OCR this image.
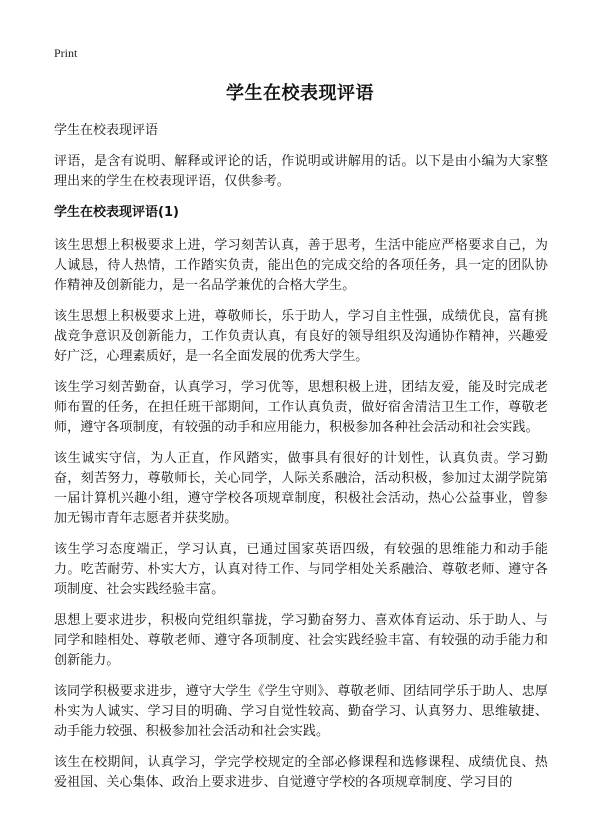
Print
学生在校表现评语

学生在校表现评语

评语，是含有说明、解释或评论的话，作说明或讲解用的话。以下是由小编为大家整理出来的学生在校表现评语，仅供参考。

学生在校表现评语(1)

该生思想上积极要求上进，学习刻苦认真，善于思考，生活中能应严格要求自己，为人诚恳，待人热情，工作踏实负责，能出色的完成交给的各项任务，具一定的团队协作精神及创新能力，是一名品学兼优的合格大学生。

该生思想上积极要求上进，尊敬师长，乐于助人，学习自主性强，成绩优良，富有挑战竞争意识及创新能力，工作负责认真，有良好的领导组织及沟通协作精神，兴趣爱好广泛，心理素质好，是一名全面发展的优秀大学生。

该生学习刻苦勤奋，认真学习，学习优等，思想积极上进，团结友爱，能及时完成老师布置的任务，在担任班干部期间，工作认真负责，做好宿舍清洁卫生工作，尊敬老师，遵守各项制度，有较强的动手和应用能力，积极参加各种社会活动和社会实践。

该生诚实守信，为人正直，作风踏实，做事具有很好的计划性，认真负责。学习勤奋，刻苦努力，尊敬师长，关心同学，人际关系融洽，活动积极，参加过太湖学院第一届计算机兴趣小组，遵守学校各项规章制度，积极社会活动，热心公益事业，曾参加无锡市青年志愿者并获奖励。

该生学习态度端正，学习认真，已通过国家英语四级，有较强的思维能力和动手能力。吃苦耐劳、朴实大方，认真对待工作、与同学相处关系融洽、尊敬老师、遵守各项制度、社会实践经验丰富。

思想上要求进步，积极向党组织靠拢，学习勤奋努力、喜欢体育运动、乐于助人、与同学和睦相处、尊敬老师、遵守各项制度、社会实践经验丰富、有较强的动手能力和创新能力。

该同学积极要求进步，遵守大学生《学生守则》、尊敬老师、团结同学乐于助人、忠厚朴实为人诚实、学习目的明确、学习自觉性较高、勤奋学习、认真努力、思维敏捷、动手能力较强、积极参加社会活动和社会实践。

该生在校期间，认真学习，学完学校规定的全部必修课程和选修课程、成绩优良、热爱祖国、关心集体、政治上要求进步、自觉遵守学校的各项规章制度、学习目的
